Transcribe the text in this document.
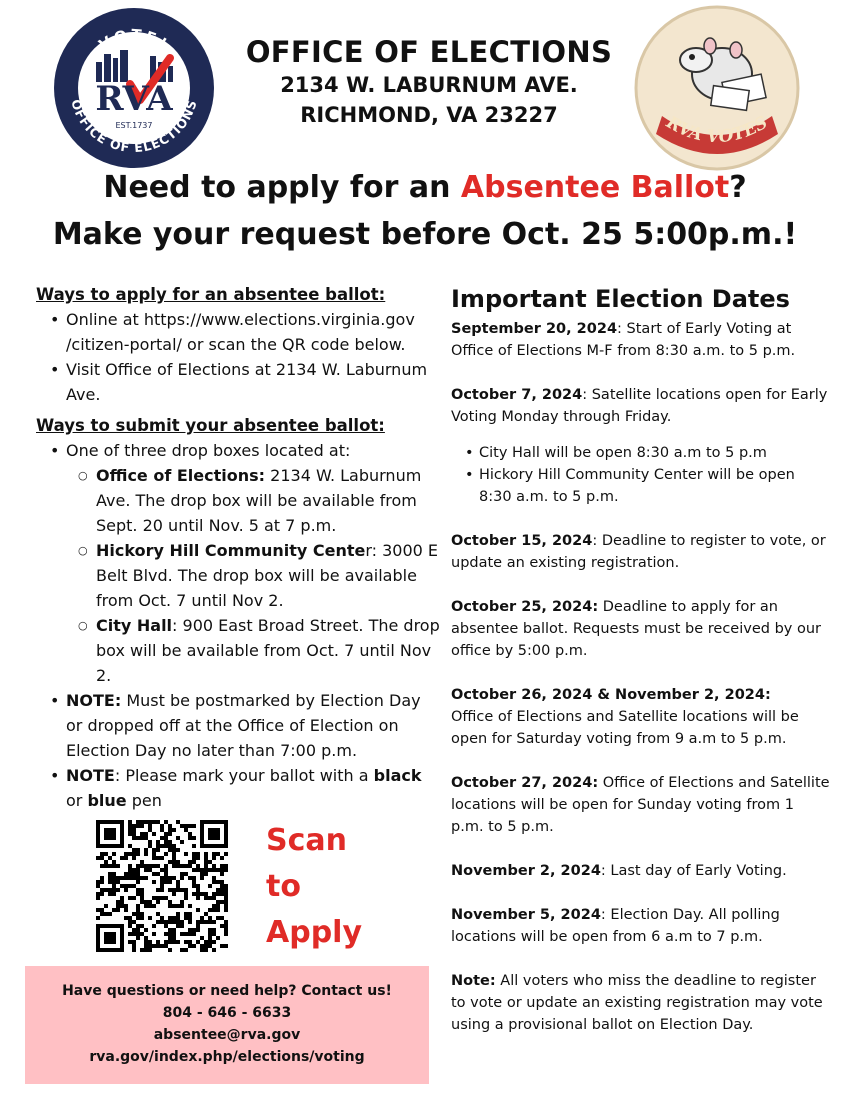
VOTE!
OFFICE OF ELECTIONS
RVA
EST.1737
OFFICE OF ELECTIONS
2134 W. LABURNUM AVE.
RICHMOND, VA 23227	RVA VOTES
Need to apply for an Absentee Ballot?
Make your request before Oct. 25 5:00p.m.!
Ways to apply for an absentee ballot:
• Online at https://www.elections.virginia.gov /citizen-portal/ or scan the QR code below.
• Visit Office of Elections at 2134 W. Laburnum Ave.
Ways to submit your absentee ballot:
• One of three drop boxes located at:
○ Office of Elections: 2134 W. Laburnum Ave. The drop box will be available from Sept. 20 until Nov. 5 at 7 p.m.
○ Hickory Hill Community Center: 3000 E Belt Blvd. The drop box will be available from Oct. 7 until Nov 2.
○ City Hall: 900 East Broad Street. The drop box will be available from Oct. 7 until Nov 2.
• NOTE: Must be postmarked by Election Day or dropped off at the Office of Election on Election Day no later than 7:00 p.m.
• NOTE: Please mark your ballot with a black or blue pen
Scan
to
Apply
Have questions or need help? Contact us!
804 - 646 - 6633
absentee@rva.gov
rva.gov/index.php/elections/voting
Important Election Dates
September 20, 2024: Start of Early Voting at Office of Elections M-F from 8:30 a.m. to 5 p.m.
October 7, 2024: Satellite locations open for Early Voting Monday through Friday.
• City Hall will be open 8:30 a.m to 5 p.m
• Hickory Hill Community Center will be open 8:30 a.m. to 5 p.m.
October 15, 2024: Deadline to register to vote, or update an existing registration.
October 25, 2024: Deadline to apply for an absentee ballot. Requests must be received by our office by 5:00 p.m.
October 26, 2024 & November 2, 2024:
Office of Elections and Satellite locations will be open for Saturday voting from 9 a.m to 5 p.m.
October 27, 2024: Office of Elections and Satellite locations will be open for Sunday voting from 1 p.m. to 5 p.m.
November 2, 2024: Last day of Early Voting.
November 5, 2024: Election Day. All polling locations will be open from 6 a.m to 7 p.m.
Note: All voters who miss the deadline to register to vote or update an existing registration may vote using a provisional ballot on Election Day.
